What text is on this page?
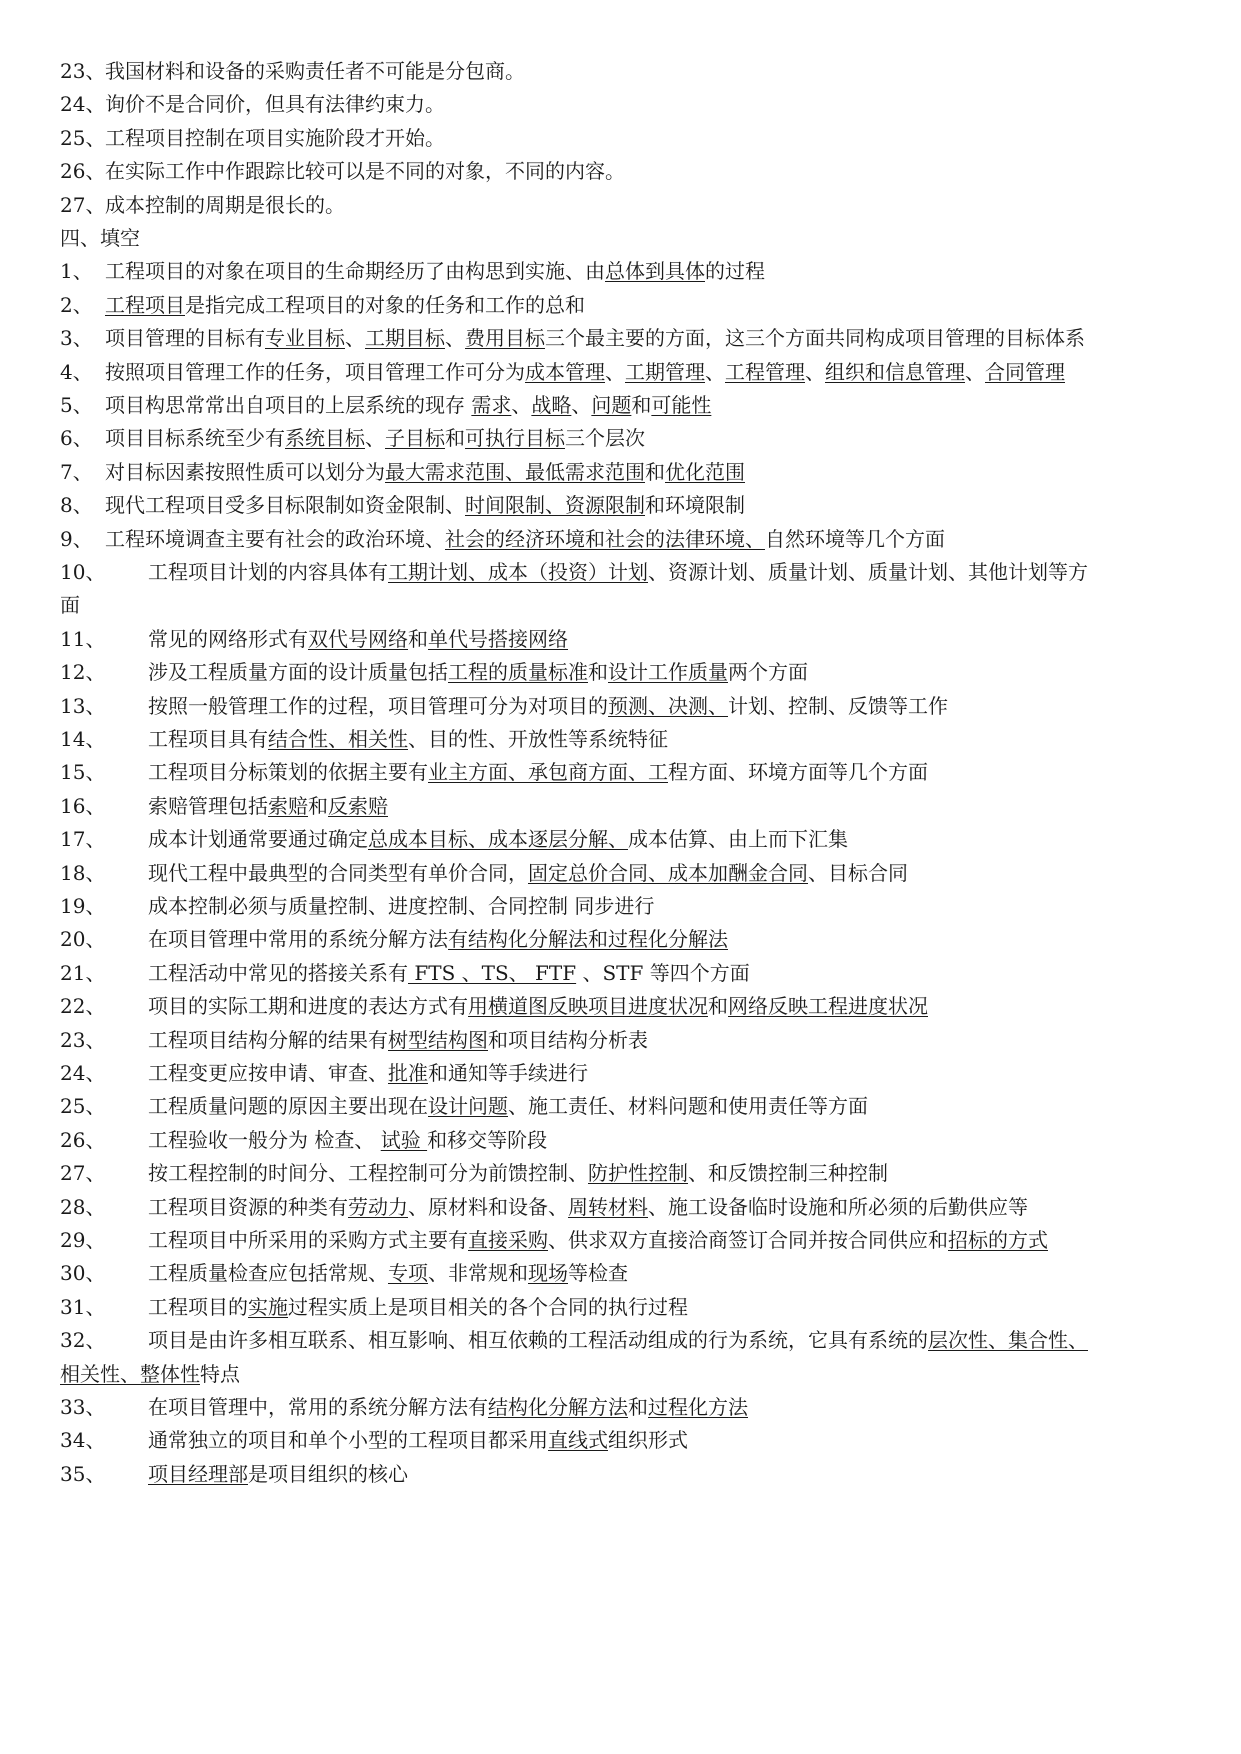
23、我国材料和设备的采购责任者不可能是分包商。
24、询价不是合同价，但具有法律约束力。
25、工程项目控制在项目实施阶段才开始。
26、在实际工作中作跟踪比较可以是不同的对象，不同的内容。
27、成本控制的周期是很长的。
四、填空
1、 工程项目的对象在项目的生命期经历了由构思到实施、由总体到具体的过程
2、 工程项目是指完成工程项目的对象的任务和工作的总和
3、 项目管理的目标有专业目标、工期目标、费用目标三个最主要的方面，这三个方面共同构成项目管理的目标体系
4、 按照项目管理工作的任务，项目管理工作可分为成本管理、工期管理、工程管理、组织和信息管理、合同管理
5、 项目构思常常出自项目的上层系统的现存 需求、战略、问题和可能性
6、 项目目标系统至少有系统目标、子目标和可执行目标三个层次
7、 对目标因素按照性质可以划分为最大需求范围、最低需求范围和优化范围
8、 现代工程项目受多目标限制如资金限制、时间限制、资源限制和环境限制
9、 工程环境调查主要有社会的政治环境、社会的经济环境和社会的法律环境、自然环境等几个方面
10、 工程项目计划的内容具体有工期计划、成本（投资）计划、资源计划、质量计划、质量计划、其他计划等方
面
11、 常见的网络形式有双代号网络和单代号搭接网络
12、 涉及工程质量方面的设计质量包括工程的质量标准和设计工作质量两个方面
13、 按照一般管理工作的过程，项目管理可分为对项目的预测、决测、计划、控制、反馈等工作
14、 工程项目具有结合性、相关性、目的性、开放性等系统特征
15、 工程项目分标策划的依据主要有业主方面、承包商方面、工程方面、环境方面等几个方面
16、 索赔管理包括索赔和反索赔
17、 成本计划通常要通过确定总成本目标、成本逐层分解、成本估算、由上而下汇集
18、 现代工程中最典型的合同类型有单价合同，固定总价合同、成本加酬金合同、目标合同
19、 成本控制必须与质量控制、进度控制、合同控制 同步进行
20、 在项目管理中常用的系统分解方法有结构化分解法和过程化分解法
21、 工程活动中常见的搭接关系有 FTS 、TS、 FTF 、STF 等四个方面
22、 项目的实际工期和进度的表达方式有用横道图反映项目进度状况和网络反映工程进度状况
23、 工程项目结构分解的结果有树型结构图和项目结构分析表
24、 工程变更应按申请、审查、批准和通知等手续进行
25、 工程质量问题的原因主要出现在设计问题、施工责任、材料问题和使用责任等方面
26、 工程验收一般分为 检查、 试验 和移交等阶段
27、 按工程控制的时间分、工程控制可分为前馈控制、防护性控制、和反馈控制三种控制
28、 工程项目资源的种类有劳动力、原材料和设备、周转材料、施工设备临时设施和所必须的后勤供应等
29、 工程项目中所采用的采购方式主要有直接采购、供求双方直接洽商签订合同并按合同供应和招标的方式
30、 工程质量检查应包括常规、专项、非常规和现场等检查
31、 工程项目的实施过程实质上是项目相关的各个合同的执行过程
32、 项目是由许多相互联系、相互影响、相互依赖的工程活动组成的行为系统，它具有系统的层次性、集合性、
相关性、整体性特点
33、 在项目管理中，常用的系统分解方法有结构化分解方法和过程化方法
34、 通常独立的项目和单个小型的工程项目都采用直线式组织形式
35、 项目经理部是项目组织的核心
